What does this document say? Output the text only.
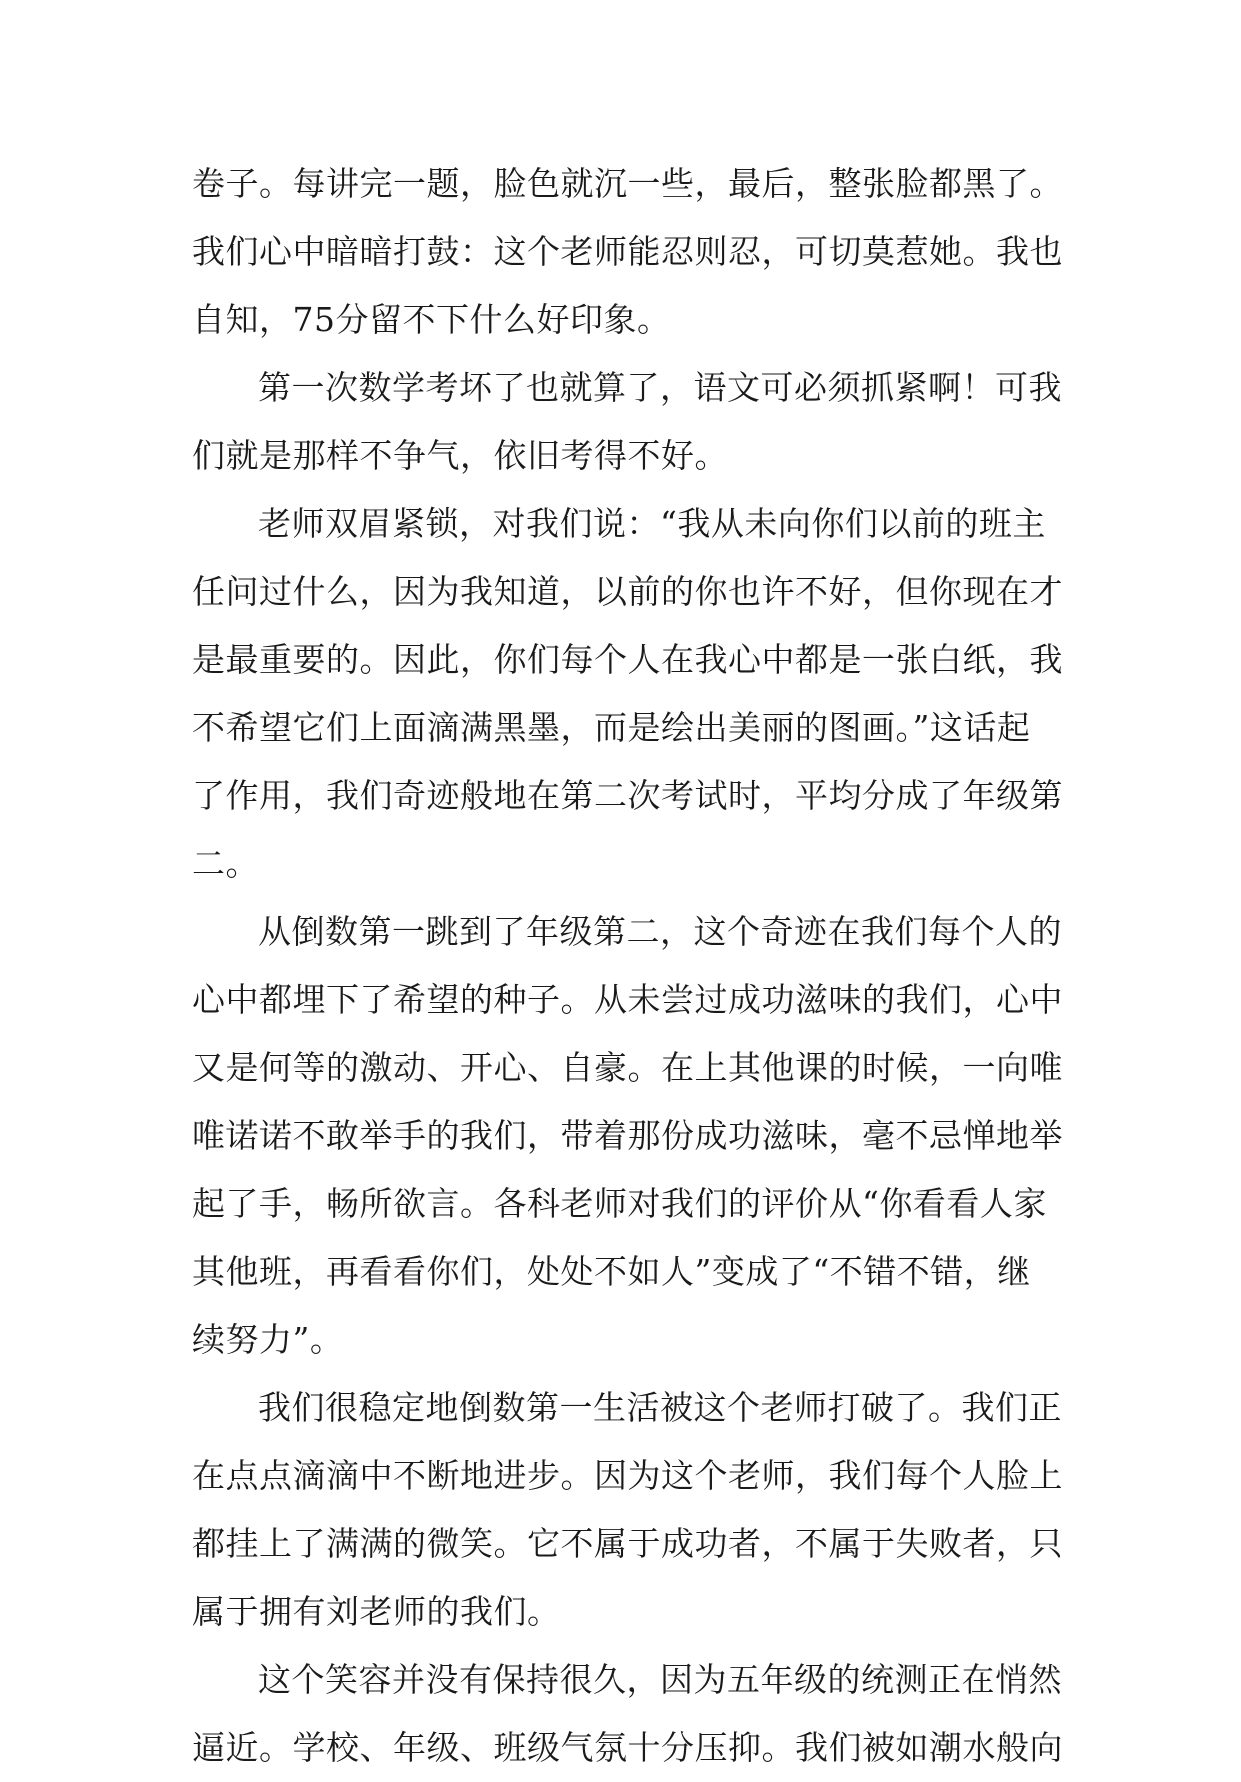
卷子。每讲完一题，脸色就沉一些，最后，整张脸都黑了。
我们心中暗暗打鼓：这个老师能忍则忍，可切莫惹她。我也
自知，75分留不下什么好印象。
第一次数学考坏了也就算了，语文可必须抓紧啊！可我
们就是那样不争气，依旧考得不好。
老师双眉紧锁，对我们说：“我从未向你们以前的班主
任问过什么，因为我知道，以前的你也许不好，但你现在才
是最重要的。因此，你们每个人在我心中都是一张白纸，我
不希望它们上面滴满黑墨，而是绘出美丽的图画。”这话起
了作用，我们奇迹般地在第二次考试时，平均分成了年级第
二。
从倒数第一跳到了年级第二，这个奇迹在我们每个人的
心中都埋下了希望的种子。从未尝过成功滋味的我们，心中
又是何等的激动、开心、自豪。在上其他课的时候，一向唯
唯诺诺不敢举手的我们，带着那份成功滋味，毫不忌惮地举
起了手，畅所欲言。各科老师对我们的评价从“你看看人家
其他班，再看看你们，处处不如人”变成了“不错不错，继
续努力”。
我们很稳定地倒数第一生活被这个老师打破了。我们正
在点点滴滴中不断地进步。因为这个老师，我们每个人脸上
都挂上了满满的微笑。它不属于成功者，不属于失败者，只
属于拥有刘老师的我们。
这个笑容并没有保持很久，因为五年级的统测正在悄然
逼近。学校、年级、班级气氛十分压抑。我们被如潮水般向
